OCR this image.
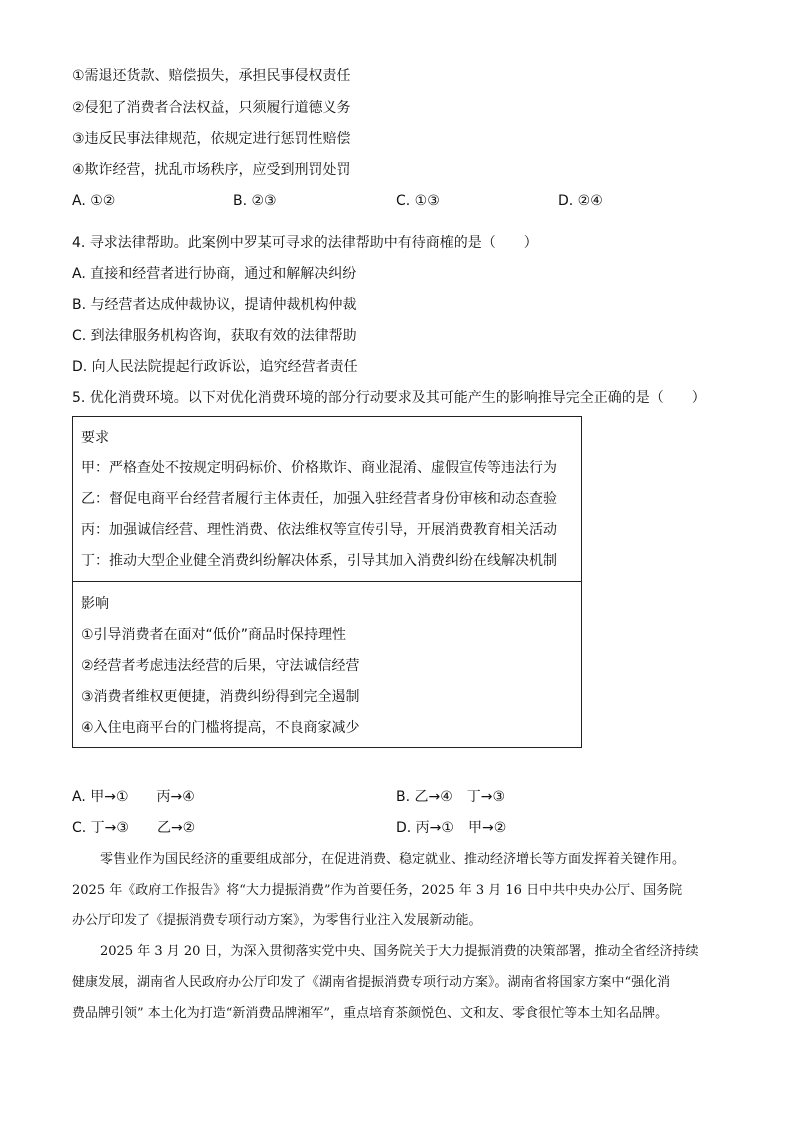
①需退还货款、赔偿损失，承担民事侵权责任
②侵犯了消费者合法权益，只须履行道德义务
③违反民事法律规范，依规定进行惩罚性赔偿
④欺诈经营，扰乱市场秩序，应受到刑罚处罚
A. ①②	B. ②③	C. ①③	D. ②④
4. 寻求法律帮助。此案例中罗某可寻求的法律帮助中有待商榷的是（　　）
A. 直接和经营者进行协商，通过和解解决纠纷
B. 与经营者达成仲裁协议，提请仲裁机构仲裁
C. 到法律服务机构咨询，获取有效的法律帮助
D. 向人民法院提起行政诉讼，追究经营者责任
5. 优化消费环境。以下对优化消费环境的部分行动要求及其可能产生的影响推导完全正确的是（　　）
要求
甲：严格查处不按规定明码标价、价格欺诈、商业混淆、虚假宣传等违法行为
乙：督促电商平台经营者履行主体责任，加强入驻经营者身份审核和动态查验
丙：加强诚信经营、理性消费、依法维权等宣传引导，开展消费教育相关活动
丁：推动大型企业健全消费纠纷解决体系，引导其加入消费纠纷在线解决机制
影响
①引导消费者在面对“低价”商品时保持理性
②经营者考虑违法经营的后果，守法诚信经营
③消费者维权更便捷，消费纠纷得到完全遏制
④入住电商平台的门槛将提高，不良商家减少
A. 甲→①　　丙→④	B. 乙→④　丁→③
C. 丁→③　　乙→②	D. 丙→①　甲→②
零售业作为国民经济的重要组成部分，在促进消费、稳定就业、推动经济增长等方面发挥着关键作用。
2025 年《政府工作报告》将“大力提振消费”作为首要任务，2025 年 3 月 16 日中共中央办公厅、国务院
办公厅印发了《提振消费专项行动方案》，为零售行业注入发展新动能。
2025 年 3 月 20 日，为深入贯彻落实党中央、国务院关于大力提振消费的决策部署，推动全省经济持续
健康发展，湖南省人民政府办公厅印发了《湖南省提振消费专项行动方案》。湖南省将国家方案中“强化消
费品牌引领” 本土化为打造“新消费品牌湘军”，重点培育茶颜悦色、文和友、零食很忙等本土知名品牌。
